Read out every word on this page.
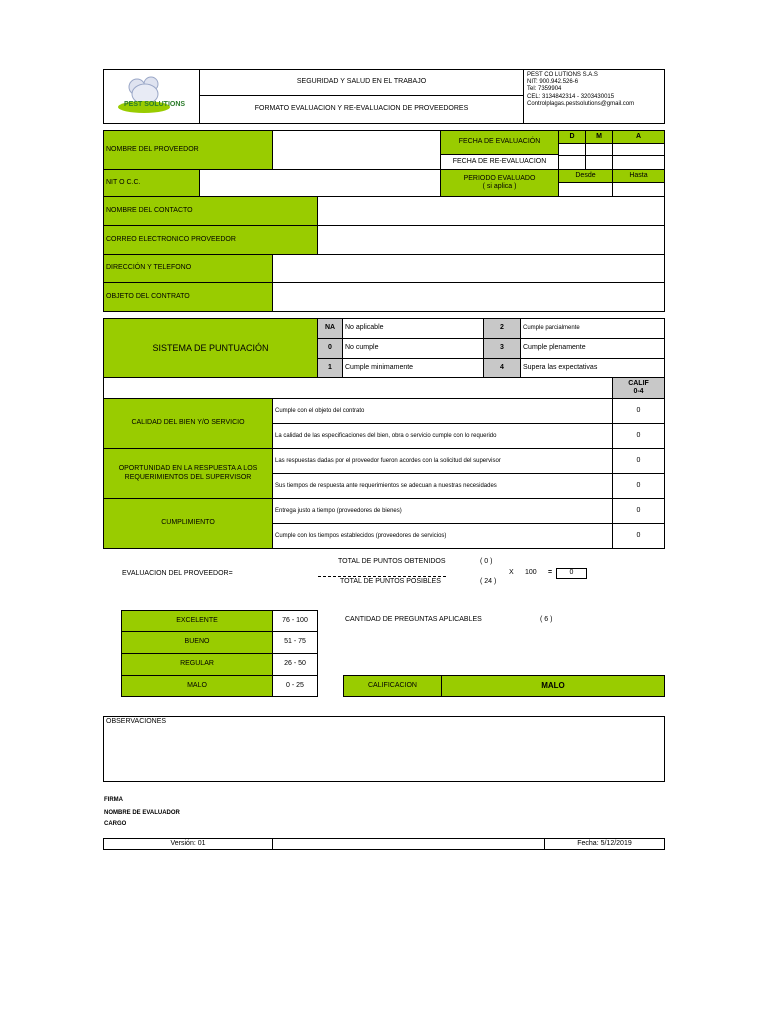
PEST SOLUTIONS
SEGURIDAD Y SALUD EN EL TRABAJO
FORMATO EVALUACION Y RE-EVALUACION DE PROVEEDORES
PEST CO LUTIONS S.A.S
NIT: 900.942.526-6
Tel: 7359904
CEL: 3134842314 - 3203430015
Controlplagas.pestsolutions@gmail.com
NOMBRE DEL PROVEEDOR
FECHA DE EVALUACIÓN
D	M	A
FECHA DE RE-EVALUACION
NIT O C.C.
PERIODO EVALUADO
( si aplica )
Desde	Hasta
NOMBRE DEL CONTACTO
CORREO ELECTRONICO PROVEEDOR
DIRECCIÓN Y TELEFONO
OBJETO DEL CONTRATO
SISTEMA DE PUNTUACIÓN
NA	No aplicable	2	Cumple parcialmente
0	No cumple	3	Cumple plenamente
1	Cumple minimamente	4	Supera las expectativas
CALIF 0-4
CALIDAD DEL BIEN Y/O SERVICIO
Cumple con el objeto del contrato	0
La calidad de las especificaciones del bien, obra o servicio cumple con lo requerido	0
OPORTUNIDAD EN LA RESPUESTA A LOS REQUERIMIENTOS DEL SUPERVISOR
Las respuestas dadas por el proveedor fueron acordes con la solicitud del supervisor	0
Sus tiempos de respuesta ante requerimientos se adecuan a nuestras necesidades	0
CUMPLIMIENTO
Entrega justo a tiempo (proveedores de bienes)	0
Cumple con los tiempos establecidos (proveedores de servicios)	0
EVALUACION DEL PROVEEDOR=
TOTAL DE PUNTOS OBTENIDOS	( 0 )
TOTAL DE PUNTOS POSIBLES	( 24 )
X 100 =	0
EXCELENTE	76 - 100
BUENO	51 - 75
REGULAR	26 - 50
MALO	0 - 25
CANTIDAD DE PREGUNTAS APLICABLES	( 6 )
CALIFICACION	MALO
OBSERVACIONES
FIRMA
NOMBRE DE EVALUADOR
CARGO
Versión: 01	Fecha: 5/12/2019
